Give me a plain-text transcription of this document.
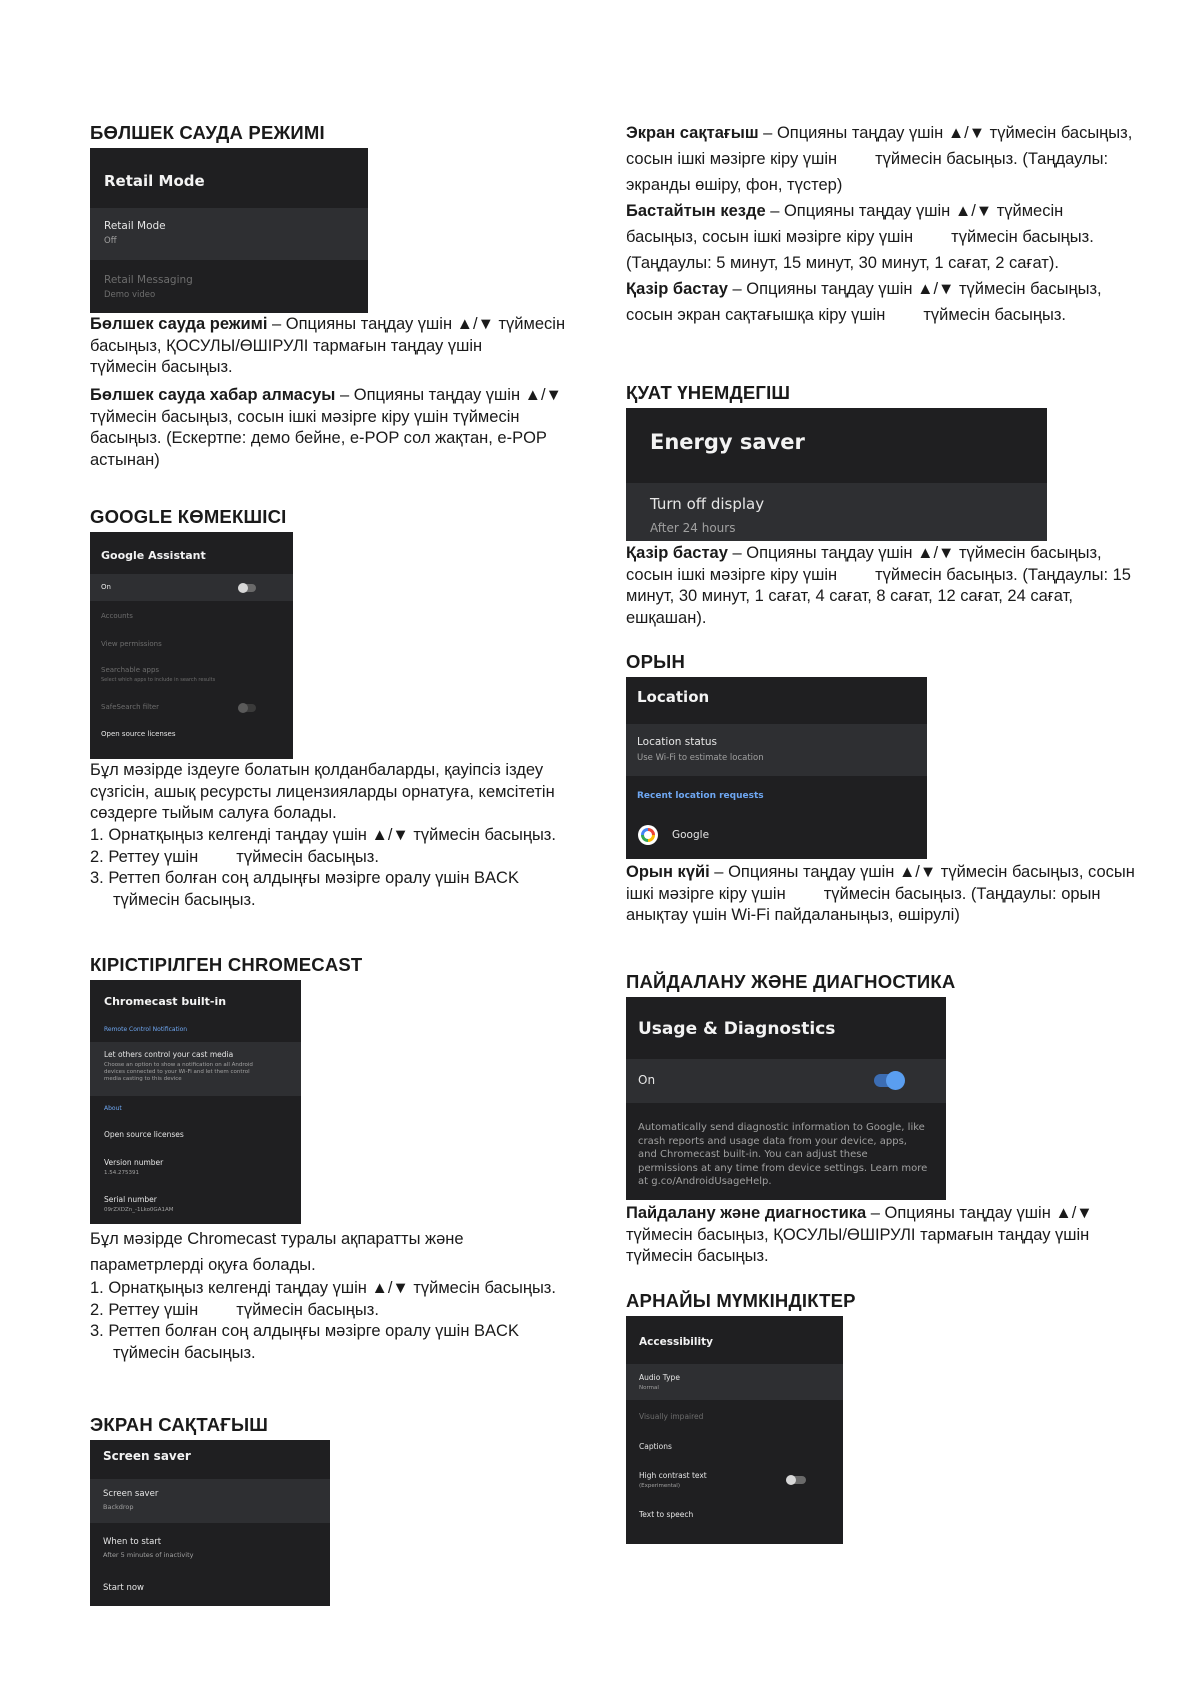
БӨЛШЕК САУДА РЕЖИМІ
Retail Mode
Retail Mode
Off
Retail Messaging
Demo video

Бөлшек сауда режимі – Опцияны таңдау үшін ▲/▼ түймесін басыңыз, ҚОСУЛЫ/ӨШІРУЛІ тармағын таңдау үшінтүймесін басыңыз.

Бөлшек сауда хабар алмасуы – Опцияны таңдау үшін ▲/▼ түймесін басыңыз, сосын ішкі мәзірге кіру үшін түймесін басыңыз. (Ескертпе: демо бейне, e-POP сол жақтан, e-POP астынан)

GOOGLE КӨМЕКШІСІ
Google Assistant
On
Accounts
View permissions
Searchable apps
Select which apps to include in search results
SafeSearch filter
Open source licenses

Бұл мәзірде іздеуге болатын қолданбаларды, қауіпсіз іздеу сүзгісін, ашық ресурсты лицензияларды орнатуға, кемсітетін сөздерге тыйым салуға болады.

1. Орнатқыңыз келгенді таңдау үшін ▲/▼ түймесін басыңыз.
2. Реттеу үшін түймесін басыңыз.
3. Реттеп болған соң алдыңғы мәзірге оралу үшін BACK
түймесін басыңыз.
КІРІСТІРІЛГЕН CHROMECAST
Chromecast built-in
Remote Control Notification
Let others control your cast media
Choose an option to show a notification on all Android devices connected to your Wi-Fi and let them control media casting to this device
About
Open source licenses
Version number
1.54.275391
Serial number
09rZXDZn_-1Lko0GA1AM

Бұл мәзірде Chromecast туралы ақпаратты және параметрлерді оқуға болады.

1. Орнатқыңыз келгенді таңдау үшін ▲/▼ түймесін басыңыз.
2. Реттеу үшін түймесін басыңыз.
3. Реттеп болған соң алдыңғы мәзірге оралу үшін BACK
түймесін басыңыз.
ЭКРАН САҚТАҒЫШ
Screen saver
Screen saver
Backdrop
When to start
After 5 minutes of inactivity
Start now

Экран сақтағыш – Опцияны таңдау үшін ▲/▼ түймесін басыңыз, сосын ішкі мәзірге кіру үшін түймесін басыңыз. (Таңдаулы: экранды өшіру, фон, түстер)

Бастайтын кезде – Опцияны таңдау үшін ▲/▼ түймесін басыңыз, сосын ішкі мәзірге кіру үшін түймесін басыңыз. (Таңдаулы: 5 минут, 15 минут, 30 минут, 1 сағат, 2 сағат).

Қазір бастау – Опцияны таңдау үшін ▲/▼ түймесін басыңыз, сосын экран сақтағышқа кіру үшін түймесін басыңыз.

ҚУАТ ҮНЕМДЕГІШ
Energy saver
Turn off display
After 24 hours

Қазір бастау – Опцияны таңдау үшін ▲/▼ түймесін басыңыз, сосын ішкі мәзірге кіру үшін түймесін басыңыз. (Таңдаулы: 15 минут, 30 минут, 1 сағат, 4 сағат, 8 сағат, 12 сағат, 24 сағат, ешқашан).

ОРЫН
Location
Location status
Use Wi-Fi to estimate location
Recent location requests
Google

Орын күйі – Опцияны таңдау үшін ▲/▼ түймесін басыңыз, сосын ішкі мәзірге кіру үшін түймесін басыңыз. (Таңдаулы: орын анықтау үшін Wi-Fi пайдаланыңыз, өшірулі)

ПАЙДАЛАНУ ЖӘНЕ ДИАГНОСТИКА
Usage & Diagnostics
On
Automatically send diagnostic information to Google, like crash reports and usage data from your device, apps, and Chromecast built-in. You can adjust these permissions at any time from device settings. Learn more at g.co/AndroidUsageHelp.

Пайдалану және диагностика – Опцияны таңдау үшін ▲/▼ түймесін басыңыз, ҚОСУЛЫ/ӨШІРУЛІ тармағын таңдау үшінтүймесін басыңыз.

АРНАЙЫ МҮМКІНДІКТЕР
Accessibility
Audio Type
Normal
Visually impaired
Captions
High contrast text
(Experimental)
Text to speech
